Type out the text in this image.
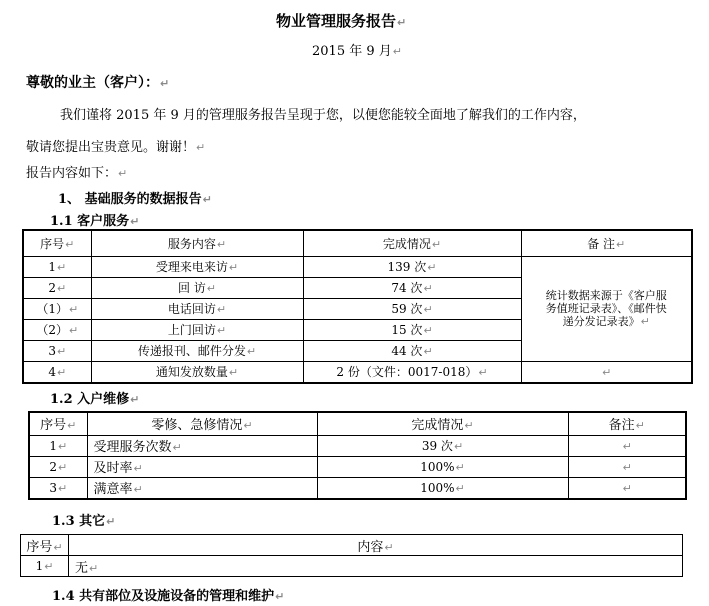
物业管理服务报告↵
2015 年 9 月↵
尊敬的业主（客户）：↵
我们谨将 2015 年 9 月的管理服务报告呈现于您，以便您能较全面地了解我们的工作内容，
敬请您提出宝贵意见。谢谢！↵
报告内容如下：↵
1、 基础服务的数据报告↵
1.1 客户服务↵
序号↵	服务内容↵	完成情况↵	备 注↵
1↵	受理来电来访↵	139 次↵	统计数据来源于《客户服
务值班记录表》、《邮件快
递分发记录表》↵

2↵	回 访↵	74 次↵	
（1）↵	电话回访↵	59 次↵	
（2）↵	上门回访↵	15 次↵	
3↵	传递报刊、邮件分发↵	44 次↵	
4↵	通知发放数量↵	2 份（文件：0017-018）↵	↵
1.2 入户维修↵
序号↵	零修、急修情况↵	完成情况↵	备注↵
1↵	受理服务次数↵	39 次↵	↵
2↵	及时率↵	100%↵	↵
3↵	满意率↵	100%↵	↵
1.3 其它↵
序号↵	内容↵
1↵	无↵
1.4 共有部位及设施设备的管理和维护↵
